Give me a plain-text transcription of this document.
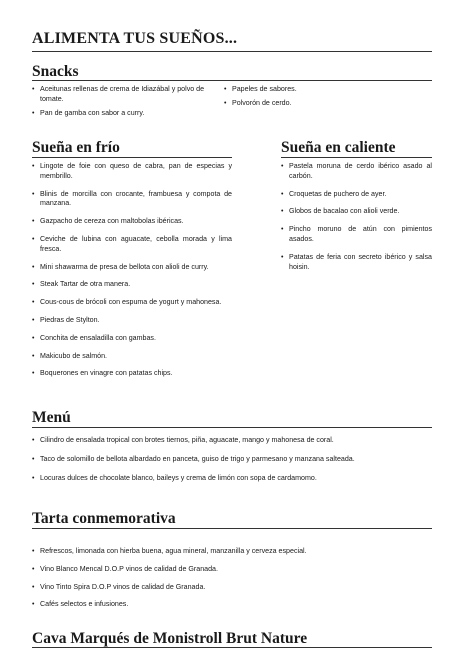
ALIMENTA TUS SUEÑOS...
Snacks
• Aceitunas rellenas de crema de Idiazábal y polvo de tomate.
• Pan de gamba con sabor a curry.
• Papeles de sabores.
• Polvorón de cerdo.
Sueña en frío
• Lingote de foie con queso de cabra, pan de especias y membrillo.
• Blinis de morcilla con crocante, frambuesa y compota de manzana.
• Gazpacho de cereza con maltobolas ibéricas.
• Ceviche de lubina con aguacate, cebolla morada y lima fresca.
• Mini shawarma de presa de bellota con alioli de curry.
• Steak Tartar de otra manera.
• Cous-cous de brócoli con espuma de yogurt y mahonesa.
• Piedras de Stylton.
• Conchita de ensaladilla con gambas.
• Makicubo de salmón.
• Boquerones en vinagre con patatas chips.
Sueña en caliente
• Pastela moruna de cerdo ibérico asado al carbón.
• Croquetas de puchero de ayer.
• Globos de bacalao con alioli verde.
• Pincho moruno de atún con pimientos asados.
• Patatas de feria con secreto ibérico y salsa hoisin.
Menú
• Cilindro de ensalada tropical con brotes tiernos, piña, aguacate, mango y mahonesa de coral.
• Taco de solomillo de bellota albardado en panceta, guiso de trigo y parmesano y manzana salteada.
• Locuras dulces de chocolate blanco, baileys y crema de limón con sopa de cardamomo.
Tarta conmemorativa
• Refrescos, limonada con hierba buena, agua mineral, manzanilla y cerveza especial.
• Vino Blanco Mencal D.O.P vinos de calidad de Granada.
• Vino Tinto Spira D.O.P vinos de calidad de Granada.
• Cafés selectos e infusiones.
Cava Marqués de Monistroll Brut Nature
